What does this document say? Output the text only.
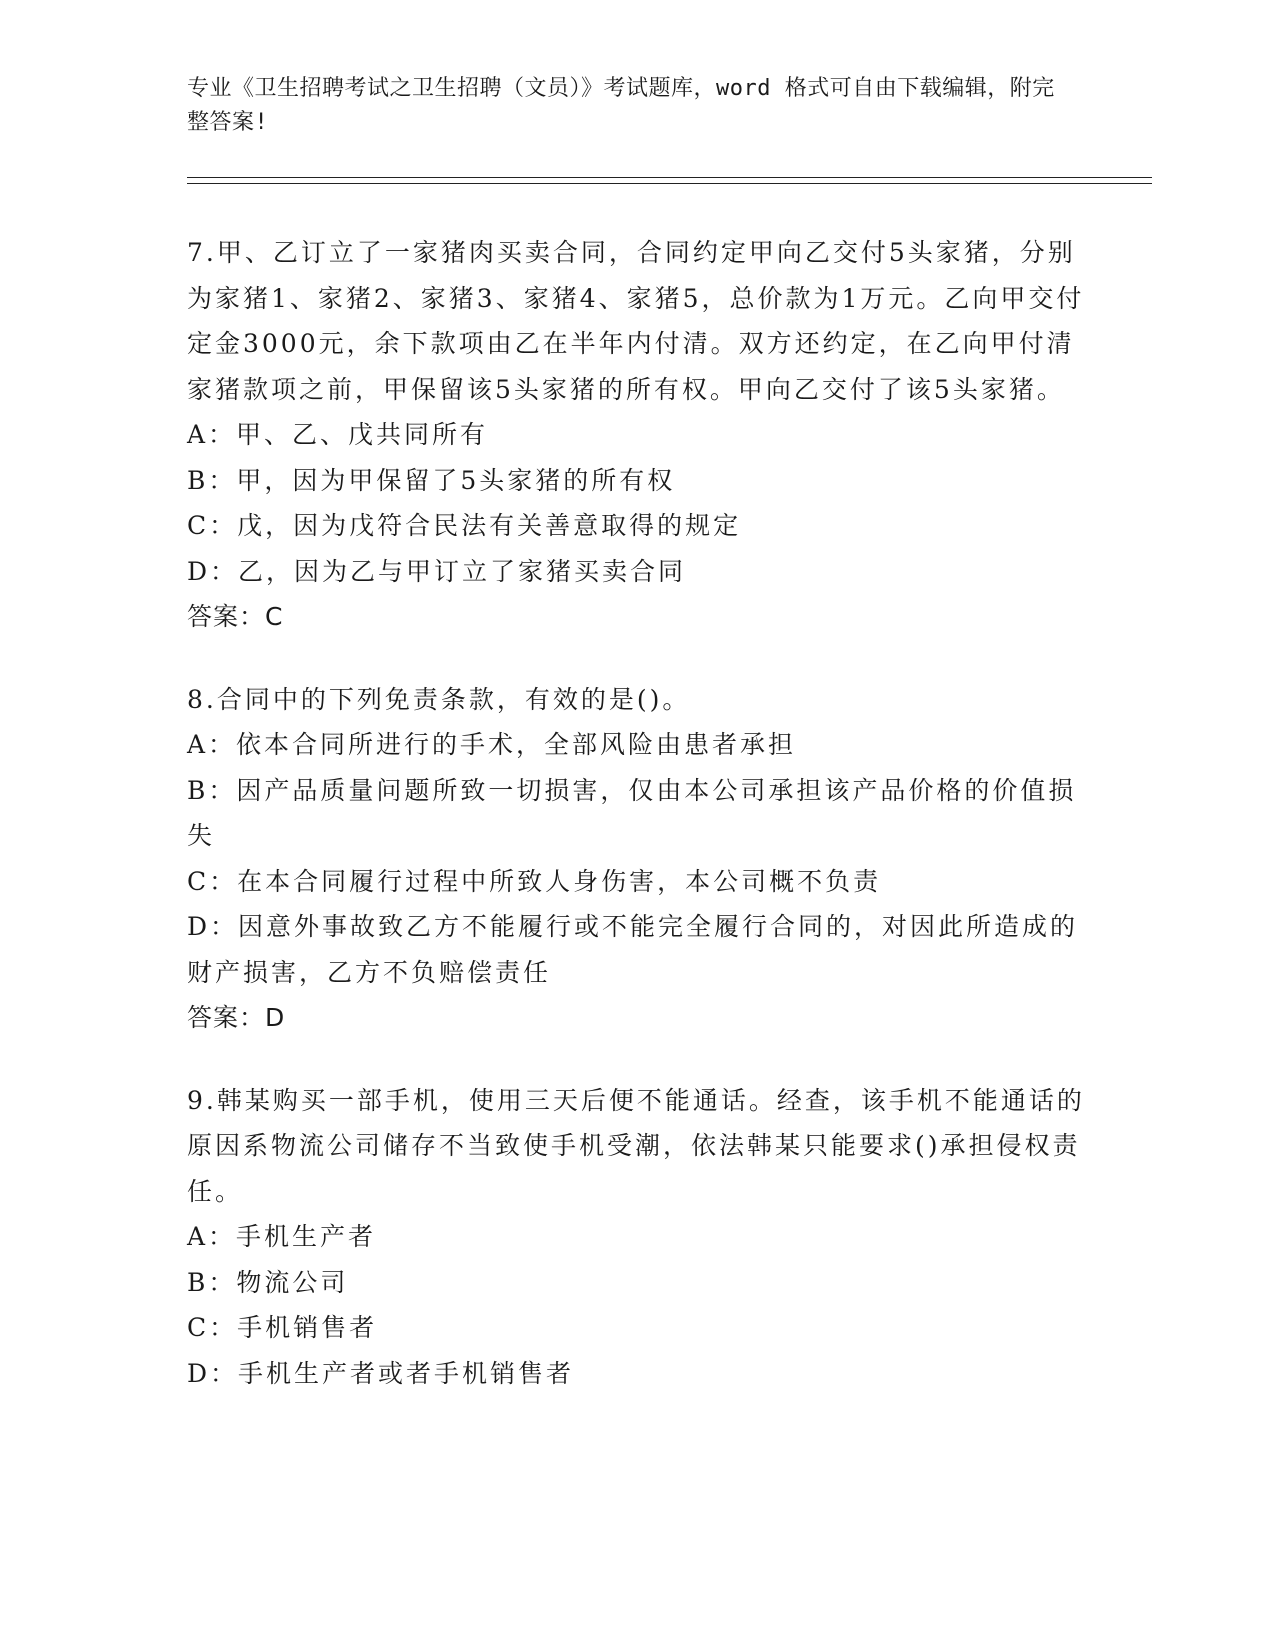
专业《卫生招聘考试之卫生招聘（文员）》考试题库，word 格式可自由下载编辑，附完整答案!

7.甲、乙订立了一家猪肉买卖合同，合同约定甲向乙交付5头家猪，分别为家猪1、家猪2、家猪3、家猪4、家猪5，总价款为1万元。乙向甲交付定金3000元，余下款项由乙在半年内付清。双方还约定，在乙向甲付清家猪款项之前，甲保留该5头家猪的所有权。甲向乙交付了该5头家猪。

A：甲、乙、戊共同所有

B：甲，因为甲保留了5头家猪的所有权

C：戊，因为戊符合民法有关善意取得的规定

D：乙，因为乙与甲订立了家猪买卖合同

答案：C

8.合同中的下列免责条款，有效的是()。

A：依本合同所进行的手术，全部风险由患者承担

B：因产品质量问题所致一切损害，仅由本公司承担该产品价格的价值损失

C：在本合同履行过程中所致人身伤害，本公司概不负责

D：因意外事故致乙方不能履行或不能完全履行合同的，对因此所造成的财产损害，乙方不负赔偿责任

答案：D

9.韩某购买一部手机，使用三天后便不能通话。经查，该手机不能通话的原因系物流公司储存不当致使手机受潮，依法韩某只能要求()承担侵权责任。

A：手机生产者

B：物流公司

C：手机销售者

D：手机生产者或者手机销售者
